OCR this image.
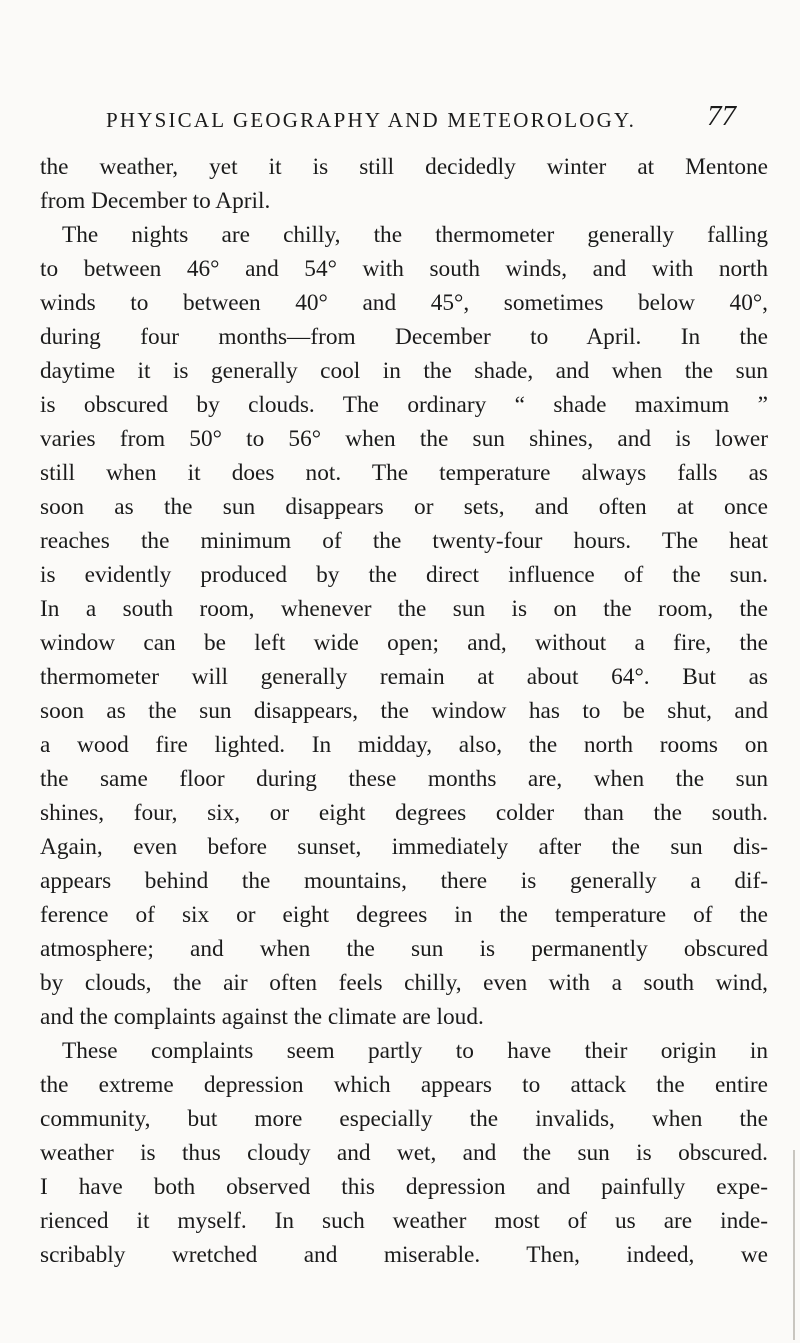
PHYSICAL GEOGRAPHY AND METEOROLOGY. 77
the weather, yet it is still decidedly winter at Mentone
from December to April.
The nights are chilly, the thermometer generally falling
to between 46° and 54° with south winds, and with north
winds to between 40° and 45°, sometimes below 40°,
during four months—from December to April. In the
daytime it is generally cool in the shade, and when the sun
is obscured by clouds. The ordinary “ shade maximum ”
varies from 50° to 56° when the sun shines, and is lower
still when it does not. The temperature always falls as
soon as the sun disappears or sets, and often at once
reaches the minimum of the twenty-four hours. The heat
is evidently produced by the direct influence of the sun.
In a south room, whenever the sun is on the room, the
window can be left wide open; and, without a fire, the
thermometer will generally remain at about 64°. But as
soon as the sun disappears, the window has to be shut, and
a wood fire lighted. In midday, also, the north rooms on
the same floor during these months are, when the sun
shines, four, six, or eight degrees colder than the south.
Again, even before sunset, immediately after the sun dis-
appears behind the mountains, there is generally a dif-
ference of six or eight degrees in the temperature of the
atmosphere; and when the sun is permanently obscured
by clouds, the air often feels chilly, even with a south wind,
and the complaints against the climate are loud.
These complaints seem partly to have their origin in
the extreme depression which appears to attack the entire
community, but more especially the invalids, when the
weather is thus cloudy and wet, and the sun is obscured.
I have both observed this depression and painfully expe-
rienced it myself. In such weather most of us are inde-
scribably wretched and miserable. Then, indeed, we
